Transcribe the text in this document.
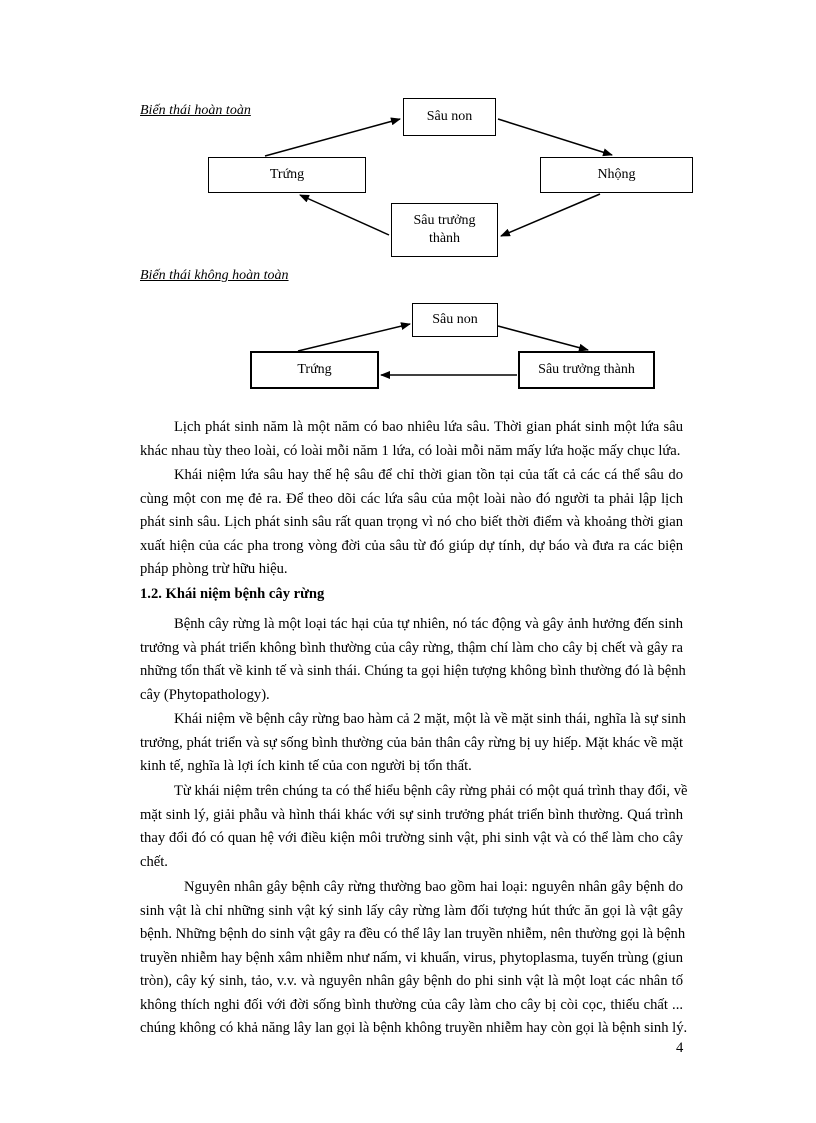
Biến thái hoàn toàn	Sâu non
Trứng	Nhộng
Sâu trưởng
thành
Biến thái không hoàn toàn
Sâu non
Trứng	Sâu trưởng thành
Lịch phát sinh năm là một năm có bao nhiêu lứa sâu. Thời gian phát sinh một lứa sâu
khác nhau tùy theo loài, có loài mỗi năm 1 lứa, có loài mỗi năm mấy lứa hoặc mấy chục lứa.
Khái niệm lứa sâu hay thế hệ sâu để chỉ thời gian tồn tại của tất cả các cá thể sâu do
cùng một con mẹ đẻ ra. Để theo dõi các lứa sâu của một loài nào đó người ta phải lập lịch
phát sinh sâu. Lịch phát sinh sâu rất quan trọng vì nó cho biết thời điểm và khoảng thời gian
xuất hiện của các pha trong vòng đời của sâu từ đó giúp dự tính, dự báo và đưa ra các biện
pháp phòng trừ hữu hiệu.
1.2. Khái niệm bệnh cây rừng
Bệnh cây rừng là một loại tác hại của tự nhiên, nó tác động và gây ảnh hưởng đến sinh
trưởng và phát triển không bình thường của cây rừng, thậm chí làm cho cây bị chết và gây ra
những tổn thất về kinh tế và sinh thái. Chúng ta gọi hiện tượng không bình thường đó là bệnh
cây (Phytopathology).
Khái niệm về bệnh cây rừng bao hàm cả 2 mặt, một là về mặt sinh thái, nghĩa là sự sinh
trưởng, phát triển và sự sống bình thường của bản thân cây rừng bị uy hiếp. Mặt khác về mặt
kinh tế, nghĩa là lợi ích kinh tế của con người bị tổn thất.
Từ khái niệm trên chúng ta có thể hiểu bệnh cây rừng phải có một quá trình thay đổi, về
mặt sinh lý, giải phẫu và hình thái khác với sự sinh trưởng phát triển bình thường. Quá trình
thay đổi đó có quan hệ với điều kiện môi trường sinh vật, phi sinh vật và có thể làm cho cây
chết.
Nguyên nhân gây bệnh cây rừng thường bao gồm hai loại: nguyên nhân gây bệnh do
sinh vật là chỉ những sinh vật ký sinh lấy cây rừng làm đối tượng hút thức ăn gọi là vật gây
bệnh. Những bệnh do sinh vật gây ra đều có thể lây lan truyền nhiễm, nên thường gọi là bệnh
truyền nhiễm hay bệnh xâm nhiễm như nấm, vi khuẩn, virus, phytoplasma, tuyến trùng (giun
tròn), cây ký sinh, tảo, v.v. và nguyên nhân gây bệnh do phi sinh vật là một loạt các nhân tố
không thích nghi đối với đời sống bình thường của cây làm cho cây bị còi cọc, thiếu chất ...
chúng không có khả năng lây lan gọi là bệnh không truyền nhiễm hay còn gọi là bệnh sinh lý.
4
